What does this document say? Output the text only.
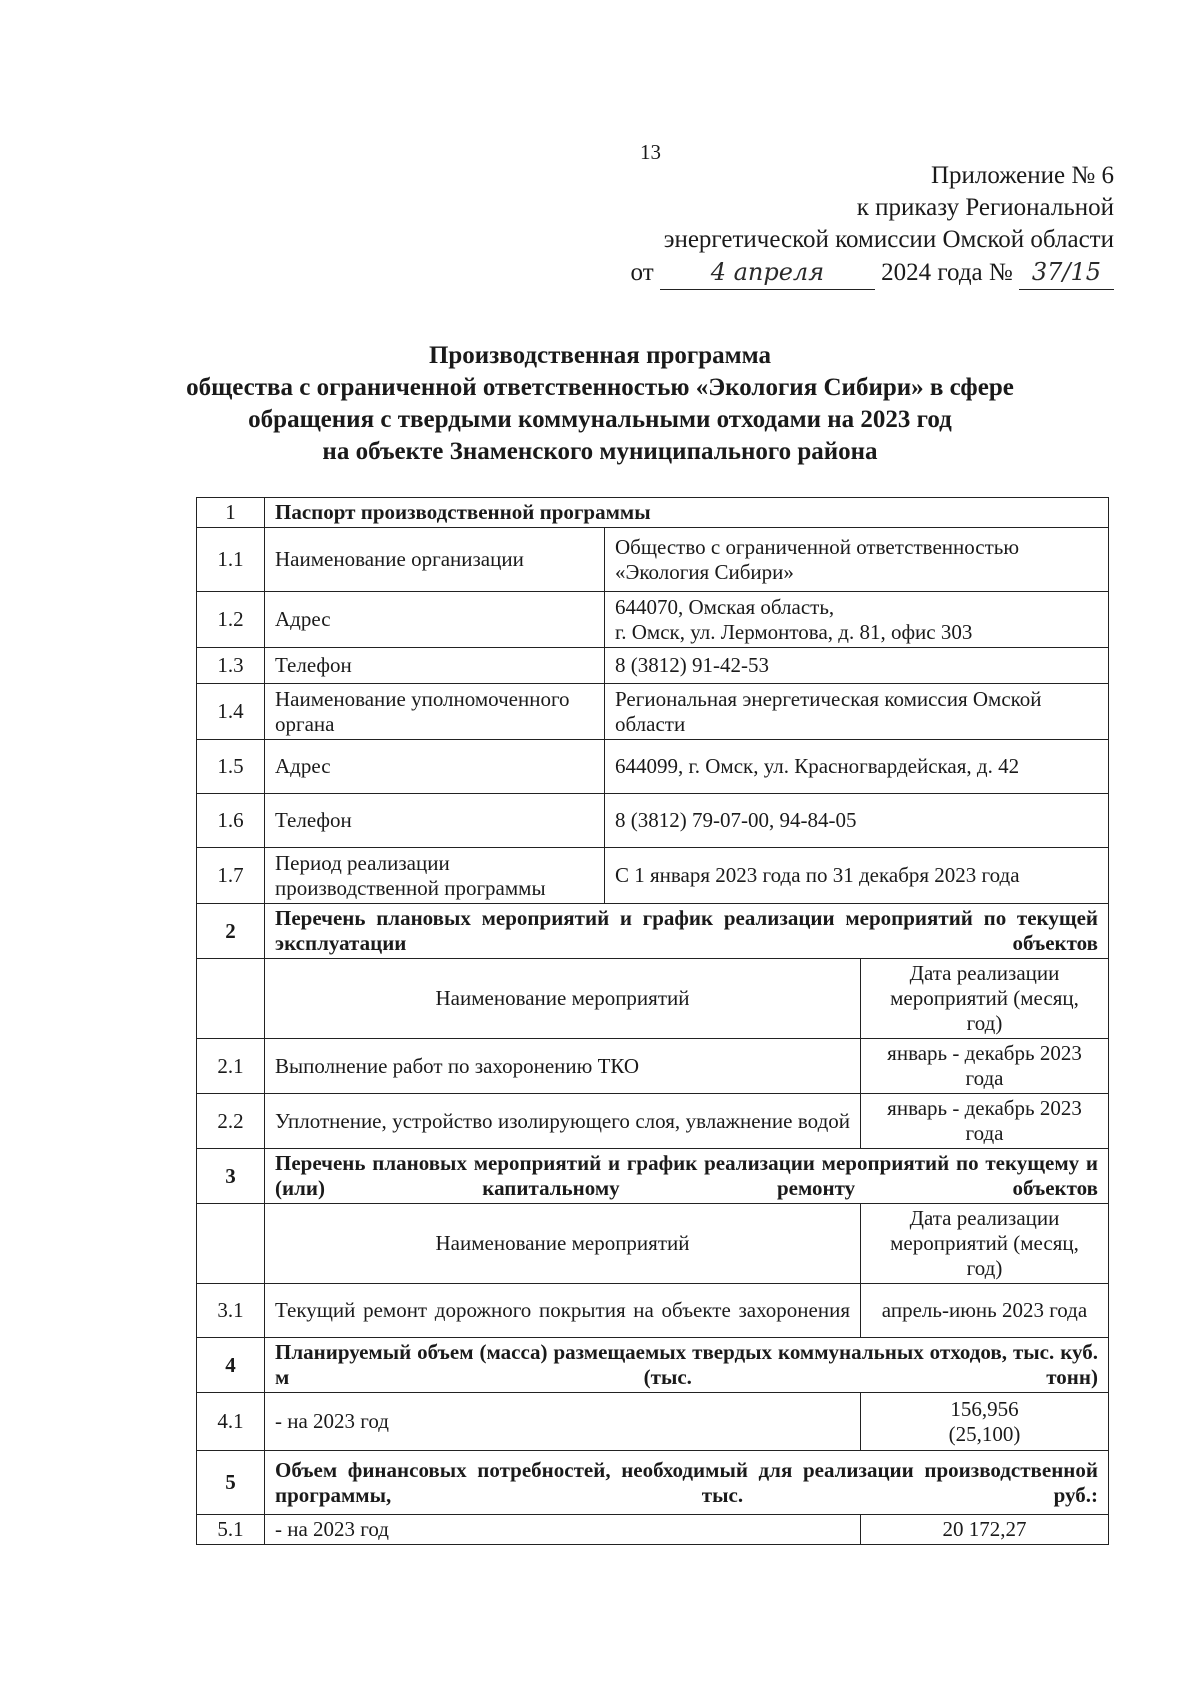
13
Приложение № 6
к приказу Региональной
энергетической комиссии Омской области
от 4 апреля 2024 года № 37/15
Производственная программа
общества с ограниченной ответственностью «Экология Сибири» в сфере
обращения с твердыми коммунальными отходами на 2023 год
на объекте Знаменского муниципального района
1	Паспорт производственной программы		
1.1	Наименование организации	Общество с ограниченной ответственностью «Экология Сибири»	
1.2	Адрес	644070, Омская область,
г. Омск, ул. Лермонтова, д. 81, офис 303	

1.3	Телефон	8 (3812) 91-42-53	
1.4	Наименование уполномоченного органа	Региональная энергетическая комиссия Омской области	
1.5	Адрес	644099, г. Омск, ул. Красногвардейская, д. 42	
1.6	Телефон	8 (3812) 79-07-00, 94-84-05	
1.7	Период реализации производственной программы	С 1 января 2023 года по 31 декабря 2023 года	
2	Перечень плановых мероприятий и график реализации мероприятий по текущей эксплуатации объектов		
	Наименование мероприятий		Дата реализации мероприятий (месяц, год)
2.1	Выполнение работ по захоронению ТКО		январь - декабрь 2023 года
2.2	Уплотнение, устройство изолирующего слоя, увлажнение водой		январь - декабрь 2023 года
3	Перечень плановых мероприятий и график реализации мероприятий по текущему и (или) капитальному ремонту объектов		
	Наименование мероприятий		Дата реализации мероприятий (месяц, год)
3.1	Текущий ремонт дорожного покрытия на объекте захоронения		апрель-июнь 2023 года
4	Планируемый объем (масса) размещаемых твердых коммунальных отходов, тыс. куб. м (тыс. тонн)		
4.1	- на 2023 год		156,956
(25,100)

5	Объем финансовых потребностей, необходимый для реализации производственной программы, тыс. руб.:		
5.1	- на 2023 год		20 172,27
